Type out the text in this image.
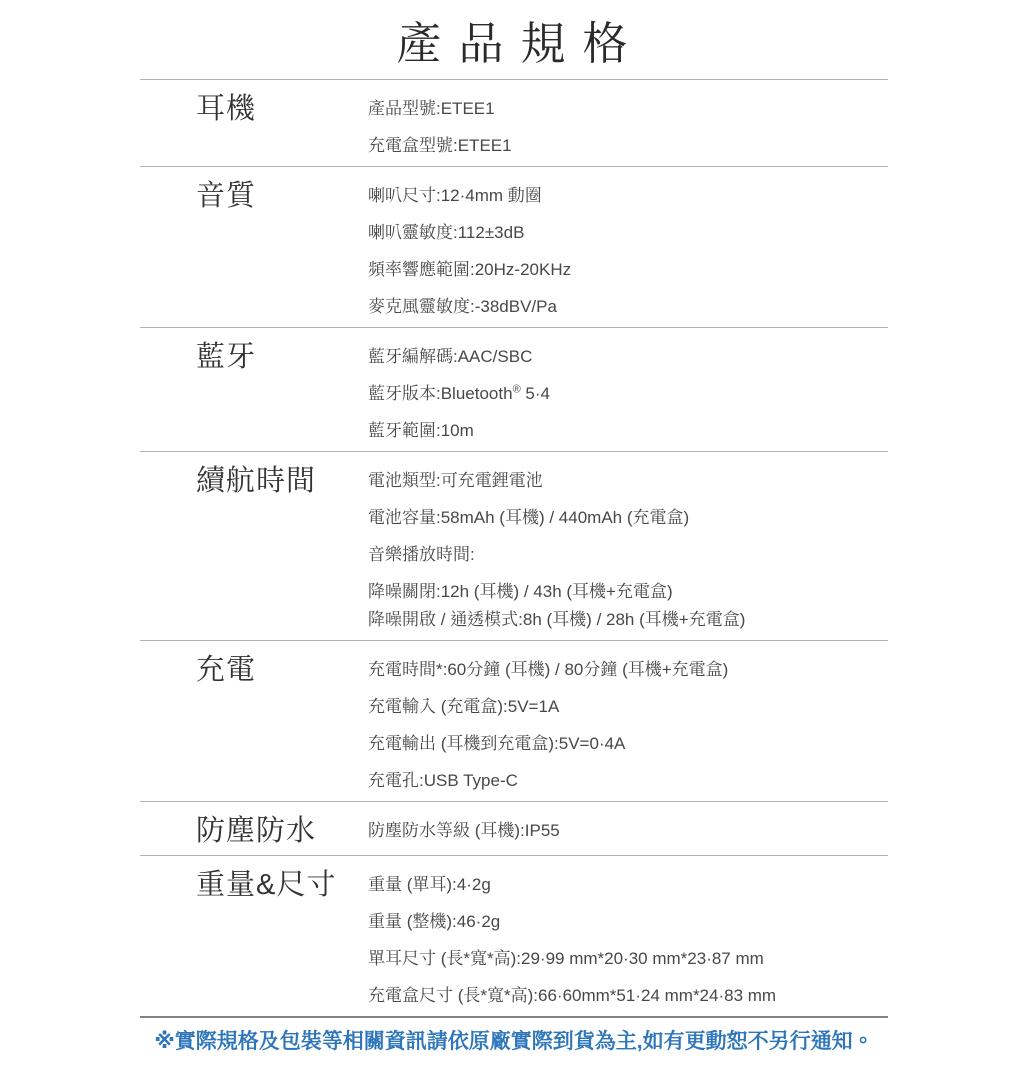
產品規格
耳機	產品型號:ETEE1
充電盒型號:ETEE1
音質	喇叭尺寸:12·4mm 動圈
喇叭靈敏度:112±3dB
頻率響應範圍:20Hz-20KHz
麥克風靈敏度:-38dBV/Pa
藍牙	藍牙編解碼:AAC/SBC
藍牙版本:Bluetooth® 5·4
藍牙範圍:10m
續航時間	電池類型:可充電鋰電池
電池容量:58mAh (耳機) / 440mAh (充電盒)
音樂播放時間:
降噪關閉:12h (耳機) / 43h (耳機+充電盒)
降噪開啟 / 通透模式:8h (耳機) / 28h (耳機+充電盒)
充電	充電時間*:60分鐘 (耳機) / 80分鐘 (耳機+充電盒)
充電輸入 (充電盒):5V=1A
充電輸出 (耳機到充電盒):5V=0·4A
充電孔:USB Type-C
防塵防水	防塵防水等級 (耳機):IP55
重量&尺寸	重量 (單耳):4·2g
重量 (整機):46·2g
單耳尺寸 (長*寬*高):29·99 mm*20·30 mm*23·87 mm
充電盒尺寸 (長*寬*高):66·60mm*51·24 mm*24·83 mm
※實際規格及包裝等相關資訊請依原廠實際到貨為主,如有更動恕不另行通知。
